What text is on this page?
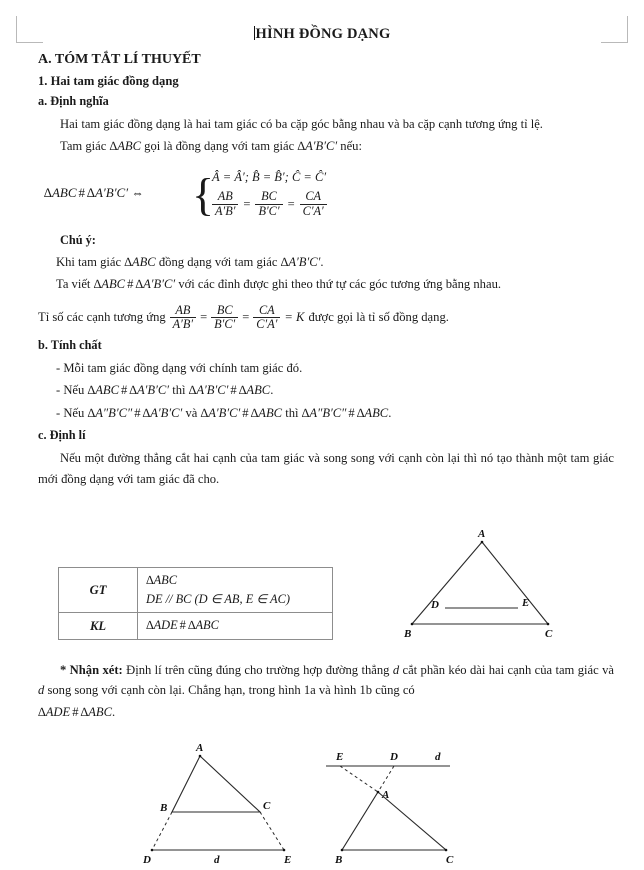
HÌNH ĐỒNG DẠNG
A. TÓM TẮT LÍ THUYẾT
1. Hai tam giác đồng dạng
a. Định nghĩa
Hai tam giác đồng dạng là hai tam giác có ba cặp góc bằng nhau và ba cặp cạnh tương ứng tỉ lệ.
Tam giác ∆ABC gọi là đồng dạng với tam giác ∆A′B′C′ nếu:
∆ABC # ∆A′B′C′ ⇔ {
Â = Â′; B̂ = B̂′; Ĉ = Ĉ′
$\frac{AB}{A'B'} = \frac{BC}{B'C'} = \frac{CA}{C'A'}$
Chú ý:
Khi tam giác ∆ABC đồng dạng với tam giác ∆A′B′C′.
Ta viết ∆ABC # ∆A′B′C′ với các đỉnh được ghi theo thứ tự các góc tương ứng bằng nhau.
Tỉ số các cạnh tương ứng $\frac{AB}{A'B'} = \frac{BC}{B'C'} = \frac{CA}{C'A'} = K$ được gọi là tỉ số đồng dạng.
b. Tính chất
- Mỗi tam giác đồng dạng với chính tam giác đó.
- Nếu ∆ABC # ∆A′B′C′ thì ∆A′B′C′ # ∆ABC.
- Nếu ∆A″B′C″ # ∆A′B′C′ và ∆A′B′C′ # ∆ABC thì ∆A″B′C″ # ∆ABC.
c. Định lí
Nếu một đường thẳng cắt hai cạnh của tam giác và song song với cạnh còn lại thì nó tạo thành một tam giác mới đồng dạng với tam giác đã cho.
GT	∆ABC
DE // BC (D ∈ AB, E ∈ AC)

KL	∆ADE # ∆ABC
A
B	C
D	E
A
B	C
D	E
d
E	D	d
A
B	C
* Nhận xét: Định lí trên cũng đúng cho trường hợp đường thẳng d cắt phần kéo dài hai cạnh của tam giác và d song song với cạnh còn lại. Chẳng hạn, trong hình 1a và hình 1b cũng có
∆ADE # ∆ABC.
